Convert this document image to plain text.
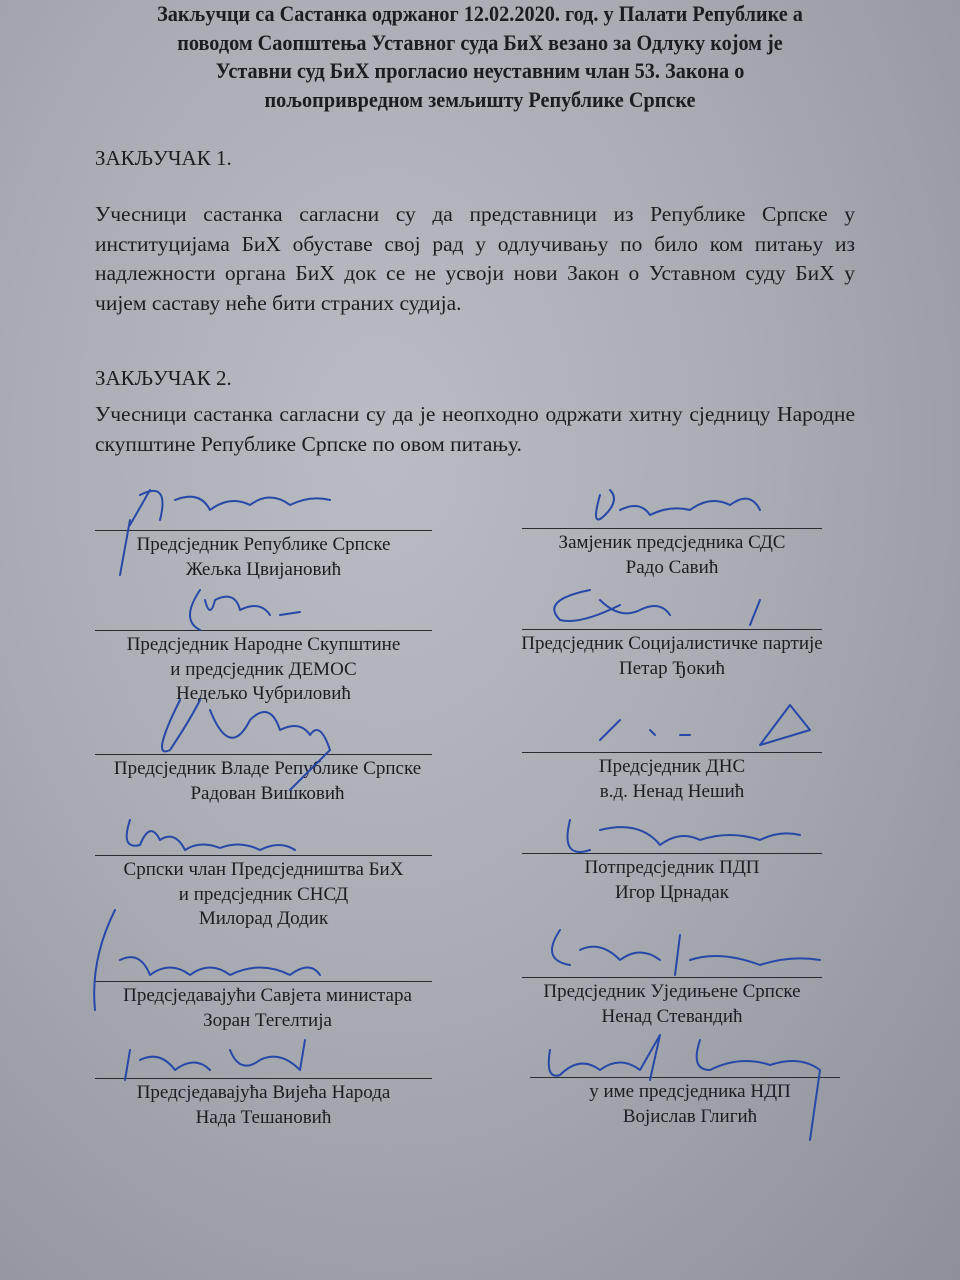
Закључци са Састанка одржаног 12.02.2020. год. у Палати Републике а
поводом Саопштења Уставног суда БиХ везано за Одлуку којом је
Уставни суд БиХ прогласио неуставним члан 53. Закона о
пољопривредном земљишту Републике Српске
ЗАКЉУЧАК 1.
Учесници састанка сагласни су да представници из Републике Српске у институцијама БиХ обуставе свој рад у одлучивању по било ком питању из надлежности органа БиХ док се не усвоји нови Закон о Уставном суду БиХ у чијем саставу неће бити страних судија.
ЗАКЉУЧАК 2.
Учесници састанка сагласни су да је неопходно одржати хитну сједницу Народне скупштине Републике Српске по овом питању.
Предсједник Републике Српске
Жељка Цвијановић
Предсједник Народне Скупштине
и предсједник ДЕМОС
Недељко Чубриловић
Предсједник Владе Републике Српске
Радован Вишковић
Српски члан Предсједништва БиХ
и предсједник СНСД
Милорад Додик
Предсједавајући Савјета министара
Зоран Тегелтија
Предсједавајућа Вијећа Народа
Нада Тешановић
Замјеник предсједника СДС
Радо Савић
Предсједник Социјалистичке партије
Петар Ђокић
Предсједник ДНС
в.д. Ненад Нешић
Потпредсједник ПДП
Игор Црнадак
Предсједник Уједињене Српске
Ненад Стевандић
у име предсједника НДП
Војислав Глигић
